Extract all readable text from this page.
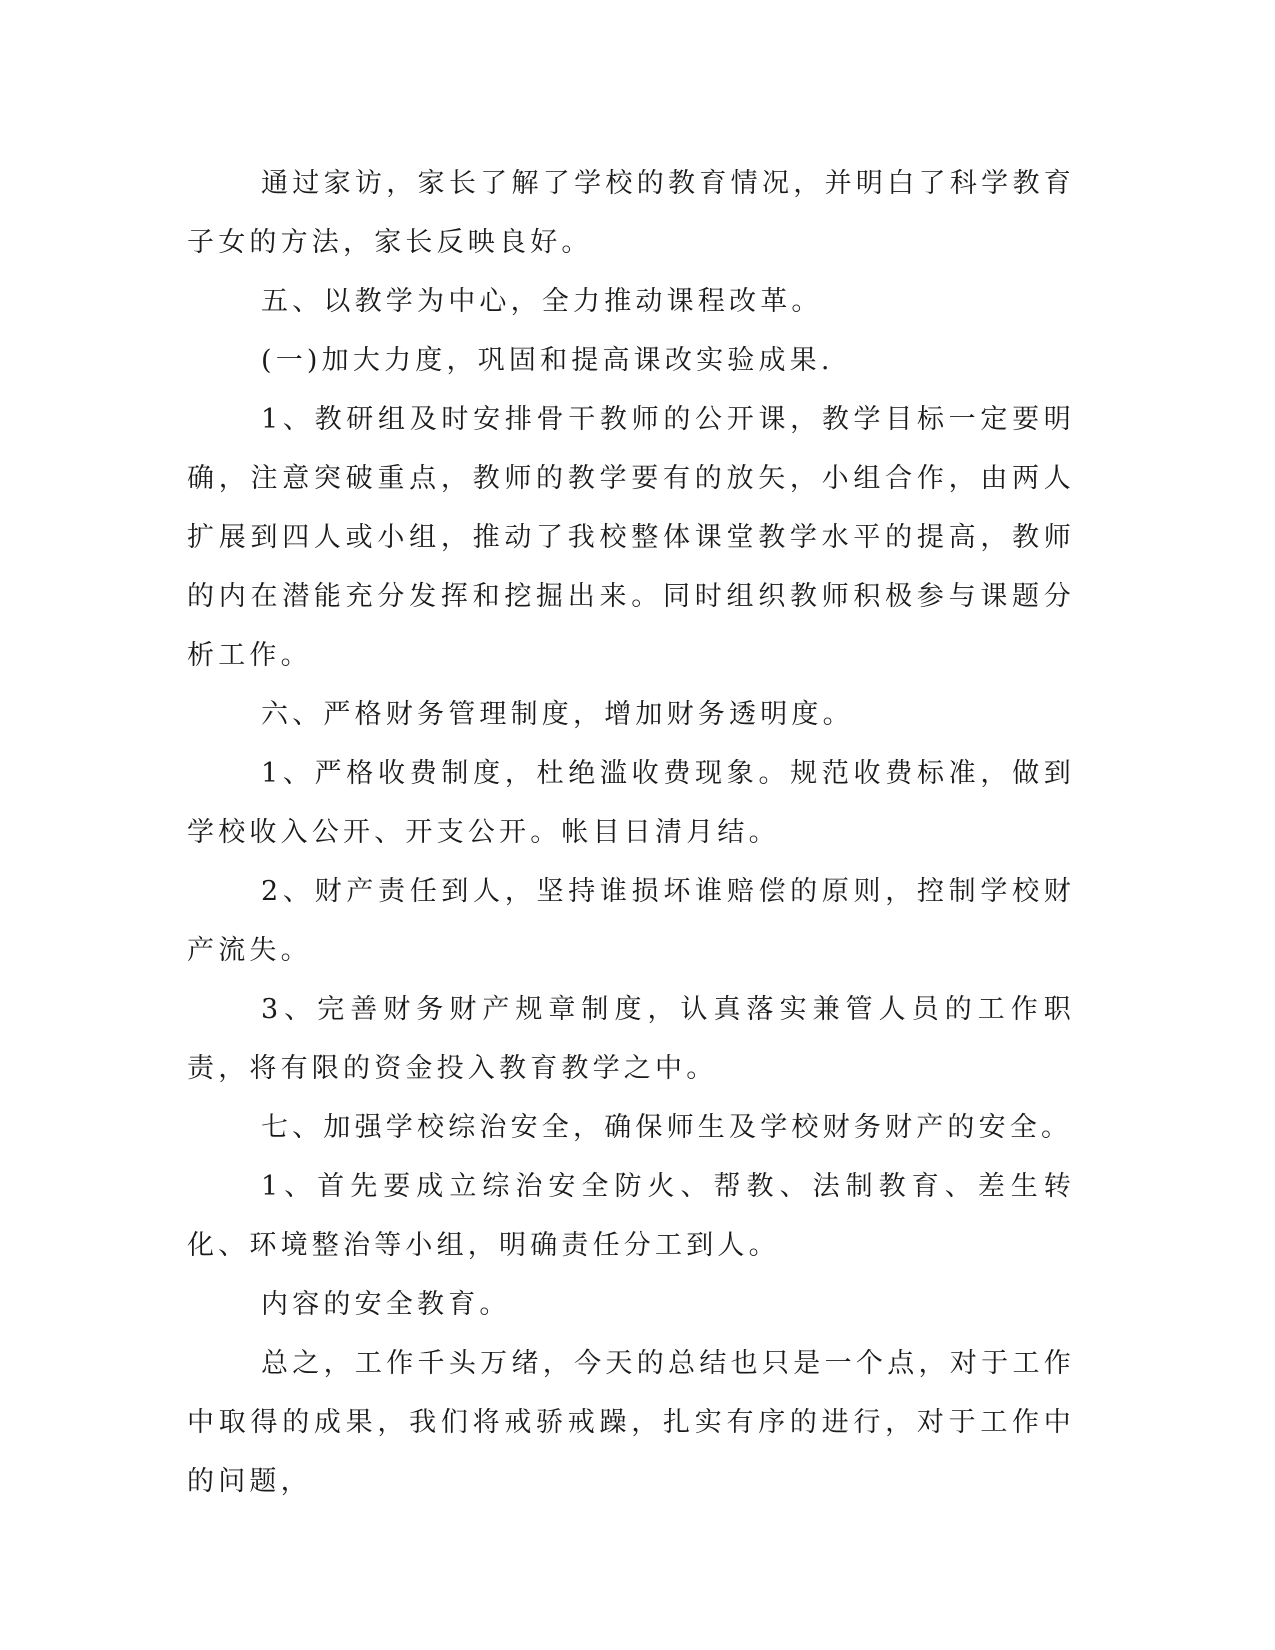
通过家访，家长了解了学校的教育情况，并明白了科学教育子女的方法，家长反映良好。

五、以教学为中心，全力推动课程改革。

(一)加大力度，巩固和提高课改实验成果.

1、教研组及时安排骨干教师的公开课，教学目标一定要明确，注意突破重点，教师的教学要有的放矢，小组合作，由两人扩展到四人或小组，推动了我校整体课堂教学水平的提高，教师的内在潜能充分发挥和挖掘出来。同时组织教师积极参与课题分析工作。

六、严格财务管理制度，增加财务透明度。

1、严格收费制度，杜绝滥收费现象。规范收费标准，做到学校收入公开、开支公开。帐目日清月结。

2、财产责任到人，坚持谁损坏谁赔偿的原则，控制学校财产流失。

3、完善财务财产规章制度，认真落实兼管人员的工作职责，将有限的资金投入教育教学之中。

七、加强学校综治安全，确保师生及学校财务财产的安全。

1、首先要成立综治安全防火、帮教、法制教育、差生转化、环境整治等小组，明确责任分工到人。

内容的安全教育。

总之，工作千头万绪，今天的总结也只是一个点，对于工作中取得的成果，我们将戒骄戒躁，扎实有序的进行，对于工作中的问题，
